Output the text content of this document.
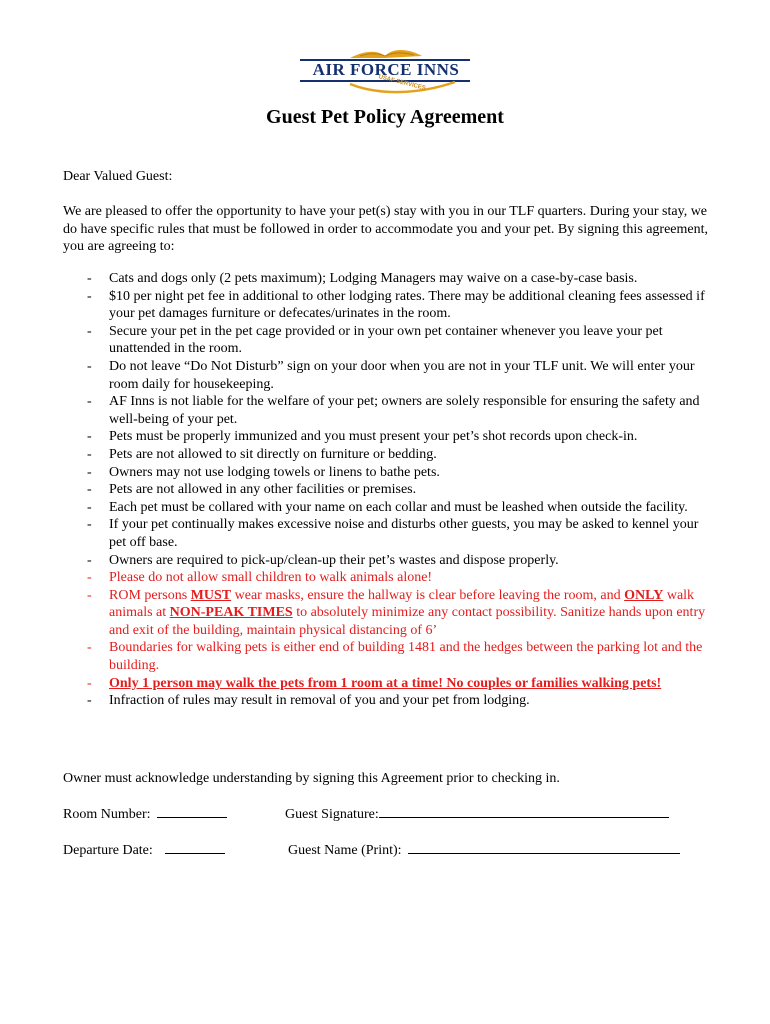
AIR FORCE INNS
USAF SERVICES
Guest Pet Policy Agreement
Dear Valued Guest:
We are pleased to offer the opportunity to have your pet(s) stay with you in our TLF quarters. During your stay, we do have specific rules that must be followed in order to accommodate you and your pet. By signing this agreement, you are agreeing to:
- Cats and dogs only (2 pets maximum); Lodging Managers may waive on a case-by-case basis.
- $10 per night pet fee in additional to other lodging rates. There may be additional cleaning fees assessed if your pet damages furniture or defecates/urinates in the room.
- Secure your pet in the pet cage provided or in your own pet container whenever you leave your pet unattended in the room.
- Do not leave “Do Not Disturb” sign on your door when you are not in your TLF unit. We will enter your room daily for housekeeping.
- AF Inns is not liable for the welfare of your pet; owners are solely responsible for ensuring the safety and well-being of your pet.
- Pets must be properly immunized and you must present your pet’s shot records upon check-in.
- Pets are not allowed to sit directly on furniture or bedding.
- Owners may not use lodging towels or linens to bathe pets.
- Pets are not allowed in any other facilities or premises.
- Each pet must be collared with your name on each collar and must be leashed when outside the facility.
- If your pet continually makes excessive noise and disturbs other guests, you may be asked to kennel your pet off base.
- Owners are required to pick-up/clean-up their pet’s wastes and dispose properly.
- Please do not allow small children to walk animals alone!
- ROM persons MUST wear masks, ensure the hallway is clear before leaving the room, and ONLY walk animals at NON-PEAK TIMES to absolutely minimize any contact possibility. Sanitize hands upon entry and exit of the building, maintain physical distancing of 6’
- Boundaries for walking pets is either end of building 1481 and the hedges between the parking lot and the building.
- Only 1 person may walk the pets from 1 room at a time! No couples or families walking pets!
- Infraction of rules may result in removal of you and your pet from lodging.
Owner must acknowledge understanding by signing this Agreement prior to checking in.
Room Number:	Guest Signature:
Departure Date:	Guest Name (Print):
